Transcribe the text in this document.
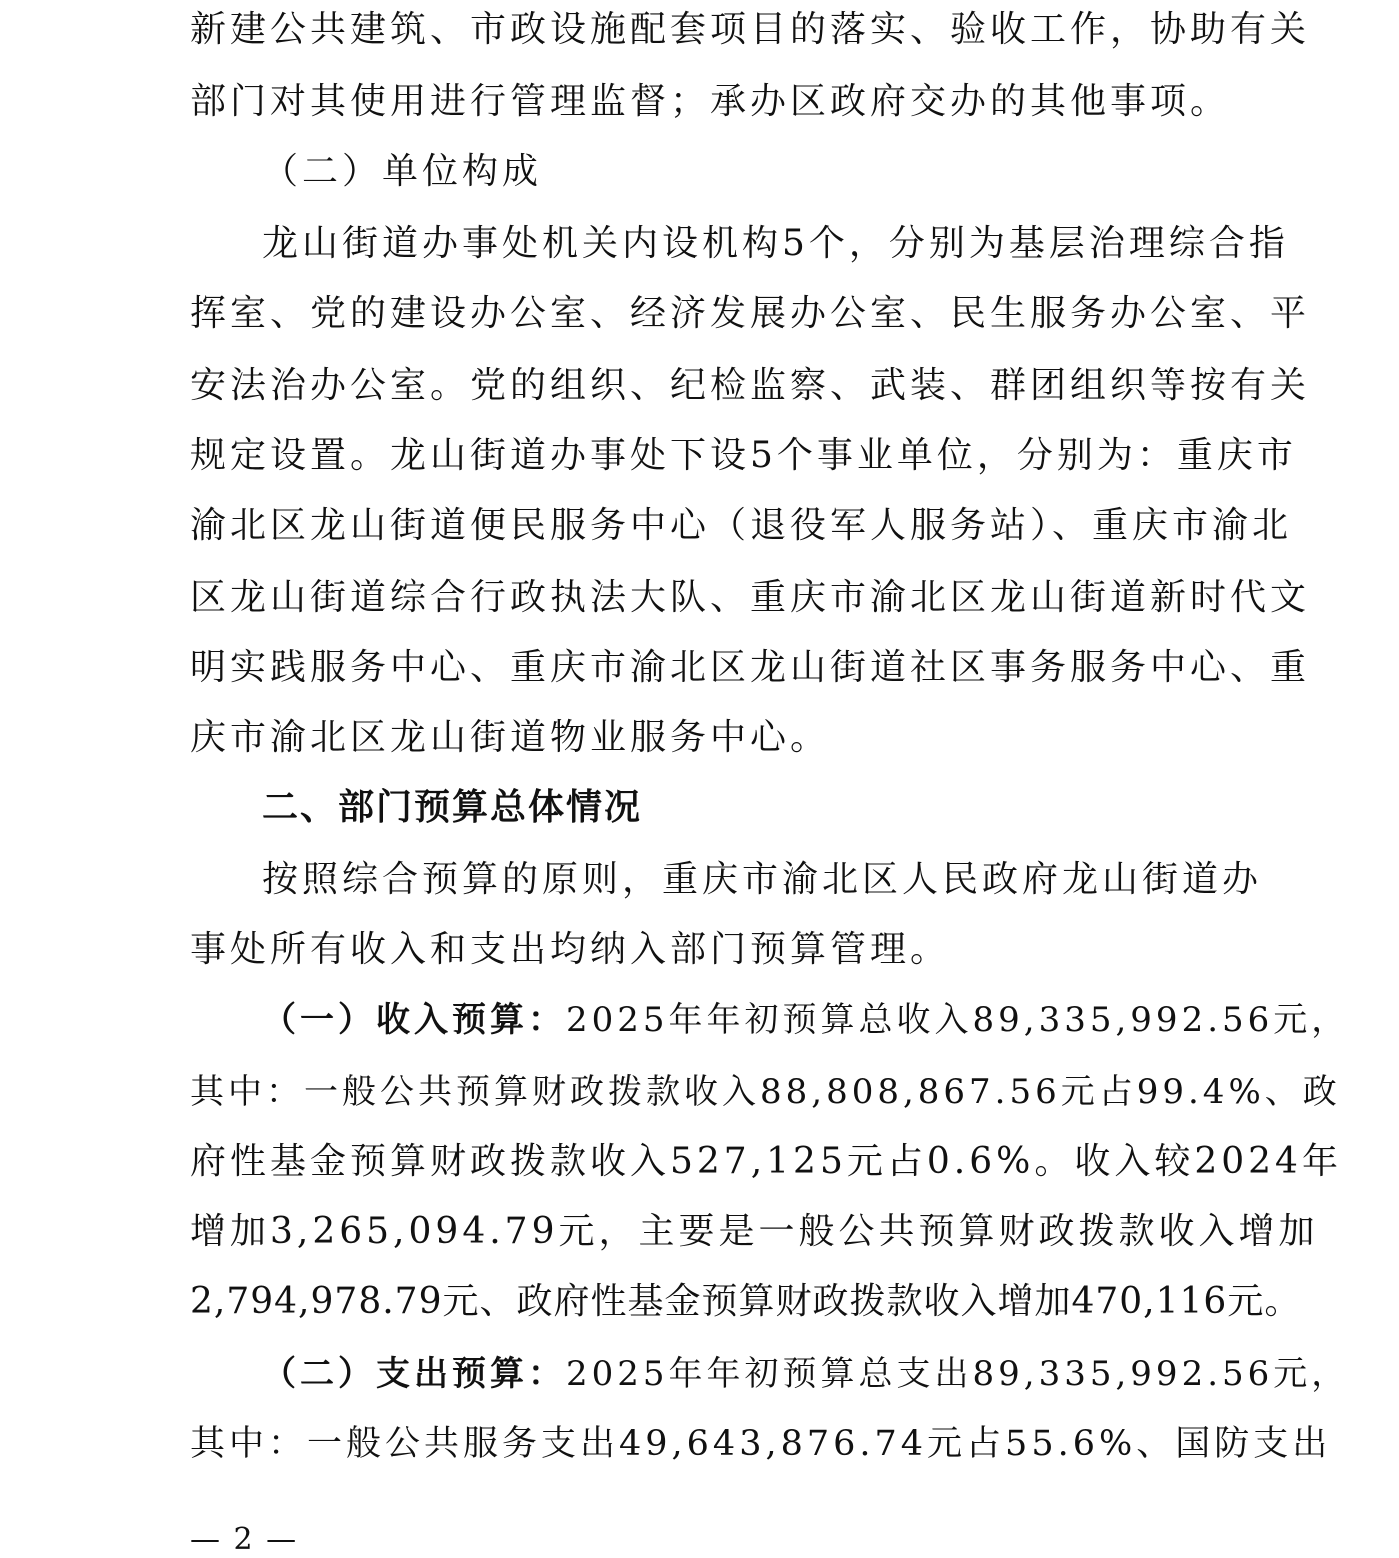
新建公共建筑、市政设施配套项目的落实、验收工作，协助有关
部门对其使用进行管理监督；承办区政府交办的其他事项。
（二）单位构成
龙山街道办事处机关内设机构5个，分别为基层治理综合指
挥室、党的建设办公室、经济发展办公室、民生服务办公室、平
安法治办公室。党的组织、纪检监察、武装、群团组织等按有关
规定设置。龙山街道办事处下设5个事业单位，分别为：重庆市
渝北区龙山街道便民服务中心（退役军人服务站）、重庆市渝北
区龙山街道综合行政执法大队、重庆市渝北区龙山街道新时代文
明实践服务中心、重庆市渝北区龙山街道社区事务服务中心、重
庆市渝北区龙山街道物业服务中心。
二、部门预算总体情况
按照综合预算的原则，重庆市渝北区人民政府龙山街道办
事处所有收入和支出均纳入部门预算管理。
（一）收入预算：2025年年初预算总收入89,335,992.56元，
其中：一般公共预算财政拨款收入88,808,867.56元占99.4%、政
府性基金预算财政拨款收入527,125元占0.6%。收入较2024年
增加3,265,094.79元，主要是一般公共预算财政拨款收入增加
2,794,978.79元、政府性基金预算财政拨款收入增加470,116元。
（二）支出预算：2025年年初预算总支出89,335,992.56元，
其中：一般公共服务支出49,643,876.74元占55.6%、国防支出
— 2 —
